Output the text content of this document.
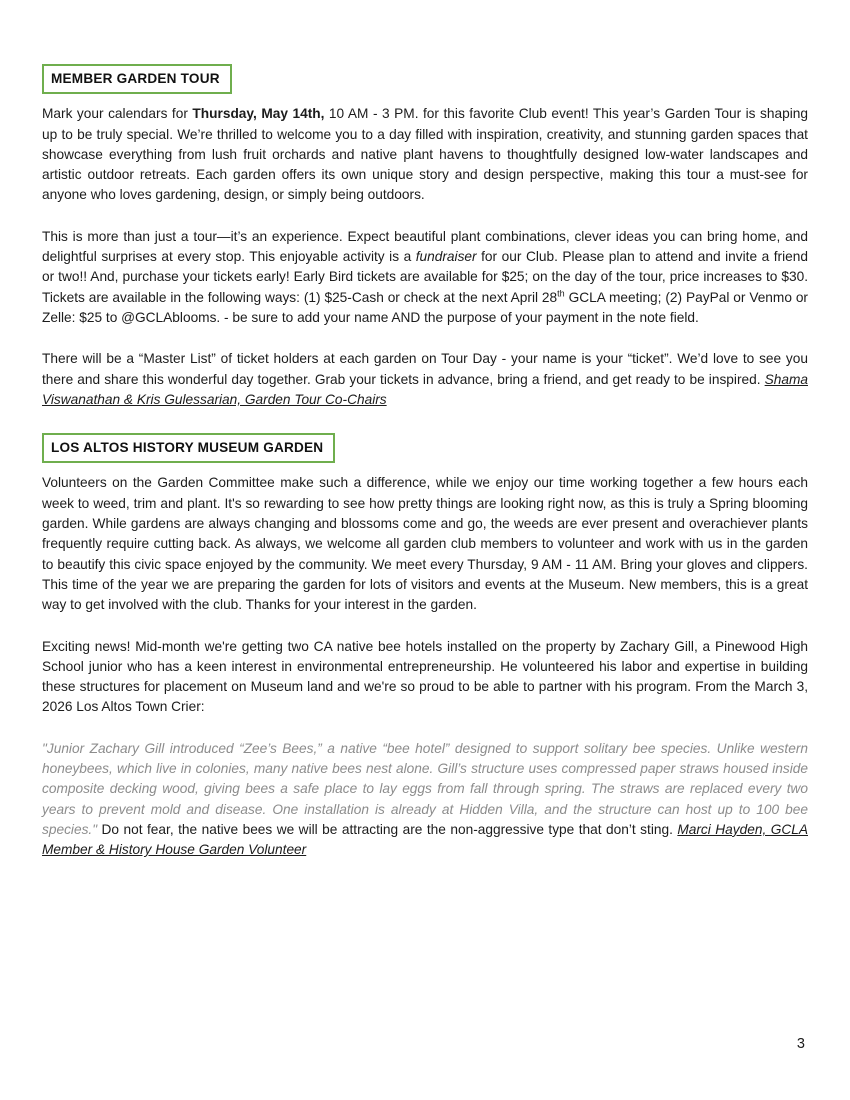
MEMBER GARDEN TOUR

Mark your calendars for Thursday, May 14th, 10 AM - 3 PM. for this favorite Club event! This year’s Garden Tour is shaping up to be truly special. We’re thrilled to welcome you to a day filled with inspiration, creativity, and stunning garden spaces that showcase everything from lush fruit orchards and native plant havens to thoughtfully designed low-water landscapes and artistic outdoor retreats. Each garden offers its own unique story and design perspective, making this tour a must-see for anyone who loves gardening, design, or simply being outdoors.

This is more than just a tour—it’s an experience. Expect beautiful plant combinations, clever ideas you can bring home, and delightful surprises at every stop. This enjoyable activity is a fundraiser for our Club. Please plan to attend and invite a friend or two!! And, purchase your tickets early! Early Bird tickets are available for $25; on the day of the tour, price increases to $30. Tickets are available in the following ways: (1) $25-Cash or check at the next April 28th GCLA meeting; (2) PayPal or Venmo or Zelle: $25 to @GCLAblooms. - be sure to add your name AND the purpose of your payment in the note field.

There will be a “Master List” of ticket holders at each garden on Tour Day - your name is your “ticket”. We’d love to see you there and share this wonderful day together. Grab your tickets in advance, bring a friend, and get ready to be inspired. Shama Viswanathan & Kris Gulessarian, Garden Tour Co-Chairs

LOS ALTOS HISTORY MUSEUM GARDEN

Volunteers on the Garden Committee make such a difference, while we enjoy our time working together a few hours each week to weed, trim and plant. It's so rewarding to see how pretty things are looking right now, as this is truly a Spring blooming garden. While gardens are always changing and blossoms come and go, the weeds are ever present and overachiever plants frequently require cutting back. As always, we welcome all garden club members to volunteer and work with us in the garden to beautify this civic space enjoyed by the community. We meet every Thursday, 9 AM - 11 AM. Bring your gloves and clippers. This time of the year we are preparing the garden for lots of visitors and events at the Museum. New members, this is a great way to get involved with the club. Thanks for your interest in the garden.

Exciting news! Mid-month we're getting two CA native bee hotels installed on the property by Zachary Gill, a Pinewood High School junior who has a keen interest in environmental entrepreneurship. He volunteered his labor and expertise in building these structures for placement on Museum land and we're so proud to be able to partner with his program. From the March 3, 2026 Los Altos Town Crier:

"Junior Zachary Gill introduced “Zee’s Bees,” a native “bee hotel” designed to support solitary bee species. Unlike western honeybees, which live in colonies, many native bees nest alone. Gill’s structure uses compressed paper straws housed inside composite decking wood, giving bees a safe place to lay eggs from fall through spring. The straws are replaced every two years to prevent mold and disease. One installation is already at Hidden Villa, and the structure can host up to 100 bee species." Do not fear, the native bees we will be attracting are the non-aggressive type that don’t sting. Marci Hayden, GCLA Member & History House Garden Volunteer

3
